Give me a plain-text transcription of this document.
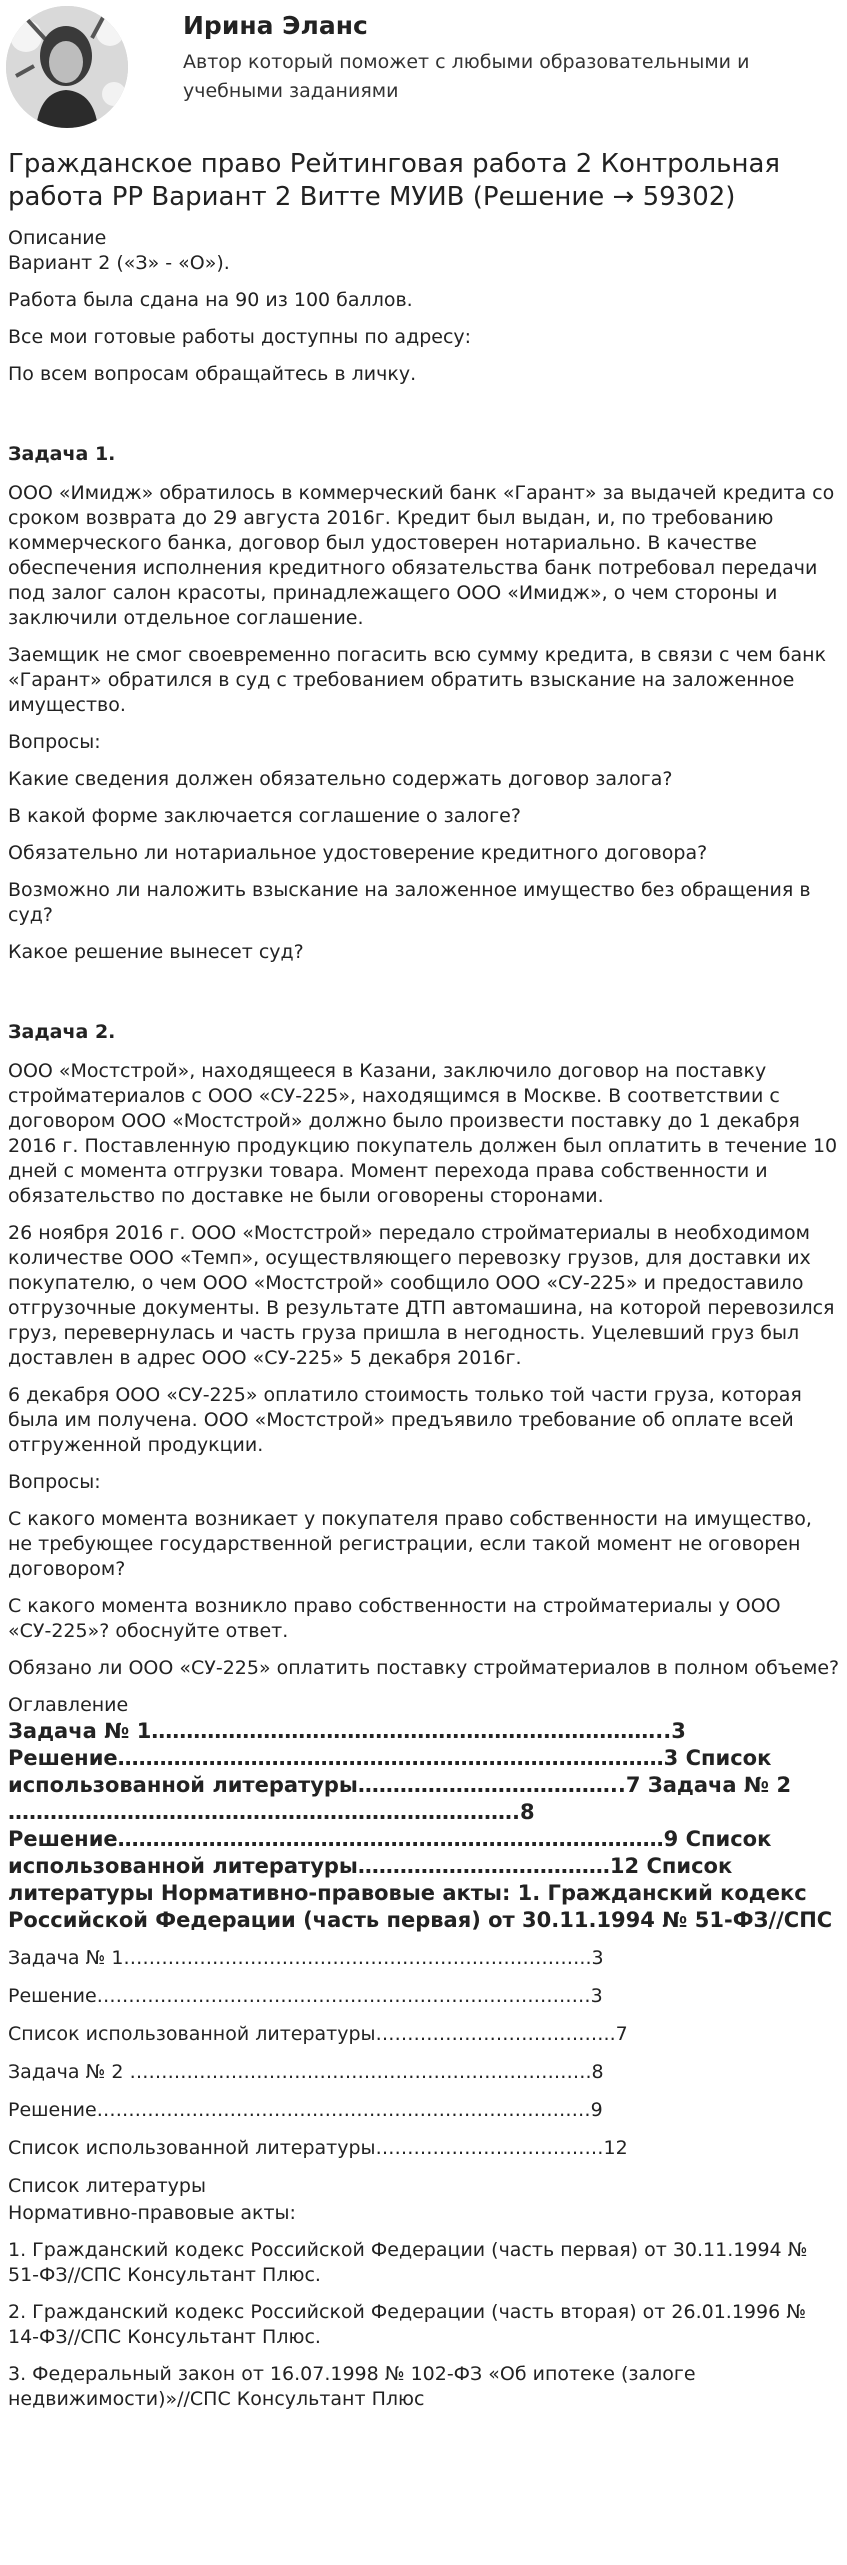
Ирина Эланс
Автор который поможет с любыми образовательными и учебными заданиями
Гражданское право Рейтинговая работа 2 Контрольная работа РР Вариант 2 Витте МУИВ (Решение → 59302)
Описание

Вариант 2 («З» - «О»).

Работа была сдана на 90 из 100 баллов.

Все мои готовые работы доступны по адресу:

По всем вопросам обращайтесь в личку.

Задача 1.

ООО «Имидж» обратилось в коммерческий банк «Гарант» за выдачей кредита со сроком возврата до 29 августа 2016г. Кредит был выдан, и, по требованию коммерческого банка, договор был удостоверен нотариально. В качестве обеспечения исполнения кредитного обязательства банк потребовал передачи под залог салон красоты, принадлежащего ООО «Имидж», о чем стороны и заключили отдельное соглашение.

Заемщик не смог своевременно погасить всю сумму кредита, в связи с чем банк «Гарант» обратился в суд с требованием обратить взыскание на заложенное имущество.

Вопросы:

Какие сведения должен обязательно содержать договор залога?

В какой форме заключается соглашение о залоге?

Обязательно ли нотариальное удостоверение кредитного договора?

Возможно ли наложить взыскание на заложенное имущество без обращения в суд?

Какое решение вынесет суд?

Задача 2.

ООО «Мостстрой», находящееся в Казани, заключило договор на поставку стройматериалов с ООО «СУ-225», находящимся в Москве. В соответствии с договором ООО «Мостстрой» должно было произвести поставку до 1 декабря 2016 г. Поставленную продукцию покупатель должен был оплатить в течение 10 дней с момента отгрузки товара. Момент перехода права собственности и обязательство по доставке не были оговорены сторонами.

26 ноября 2016 г. ООО «Мостстрой» передало стройматериалы в необходимом количестве ООО «Темп», осуществляющего перевозку грузов, для доставки их покупателю, о чем ООО «Мостстрой» сообщило ООО «СУ-225» и предоставило отгрузочные документы. В результате ДТП автомашина, на которой перевозился груз, перевернулась и часть груза пришла в негодность. Уцелевший груз был доставлен в адрес ООО «СУ-225» 5 декабря 2016г.

6 декабря ООО «СУ-225» оплатило стоимость только той части груза, которая была им получена. ООО «Мостстрой» предъявило требование об оплате всей отгруженной продукции.

Вопросы:

С какого момента возникает у покупателя право собственности на имущество, не требующее государственной регистрации, если такой момент не оговорен договором?

С какого момента возникло право собственности на стройматериалы у ООО «СУ-225»? обоснуйте ответ.

Обязано ли ООО «СУ-225» оплатить поставку стройматериалов в полном объеме?

Оглавление
Задача № 1………………………………………………………………..3 Решение……………………………………………………………………3 Список использованной литературы………………………………..7 Задача № 2 ……………………………………………………………….8 Решение……………………………………………………………………9 Список использованной литературы………………………………12 Список литературы Нормативно-правовые акты: 1. Гражданский кодекс Российской Федерации (часть первая) от 30.11.1994 № 51-ФЗ//СПС

Задача № 1………………………………………………………………..3

Решение……………………………………………………………………3

Список использованной литературы………………………………..7

Задача № 2 ……………………………………………………………….8

Решение……………………………………………………………………9

Список использованной литературы………………………………12

Список литературы

Нормативно-правовые акты:

1. Гражданский кодекс Российской Федерации (часть первая) от 30.11.1994 № 51-ФЗ//СПС Консультант Плюс.

2. Гражданский кодекс Российской Федерации (часть вторая) от 26.01.1996 № 14-ФЗ//СПС Консультант Плюс.

3. Федеральный закон от 16.07.1998 № 102-ФЗ «Об ипотеке (залоге недвижимости)»//СПС Консультант Плюс
